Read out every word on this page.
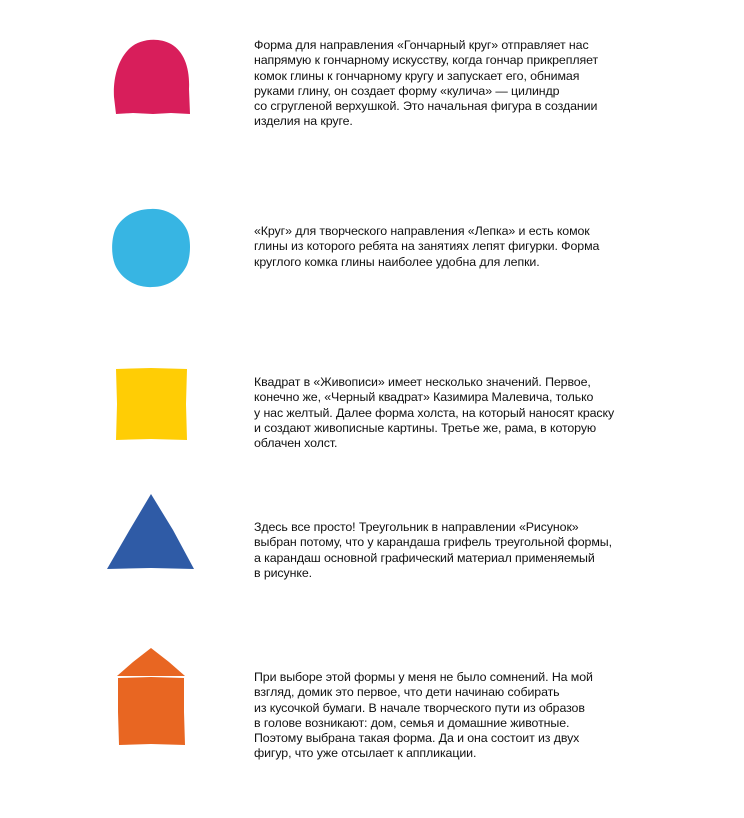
Форма для направления «Гончарный круг» отправляет нас
напрямую к гончарному искусству, когда гончар прикрепляет
комок глины к гончарному кругу и запускает его, обнимая
руками глину, он создает форму «кулича» — цилиндр
со сгругленой верхушкой. Это начальная фигура в создании
изделия на круге.
«Круг» для творческого направления «Лепка» и есть комок
глины из которого ребята на занятиях лепят фигурки. Форма
круглого комка глины наиболее удобна для лепки.
Квадрат в «Живописи» имеет несколько значений. Первое,
конечно же, «Черный квадрат» Казимира Малевича, только
у нас желтый. Далее форма холста, на который наносят краску
и создают живописные картины. Третье же, рама, в которую
облачен холст.
Здесь все просто! Треугольник в направлении «Рисунок»
выбран потому, что у карандаша грифель треугольной формы,
а карандаш основной графический материал применяемый
в рисунке.
При выборе этой формы у меня не было сомнений. На мой
взгляд, домик это первое, что дети начинаю собирать
из кусочкой бумаги. В начале творческого пути из образов
в голове возникают: дом, семья и домашние животные.
Поэтому выбрана такая форма. Да и она состоит из двух
фигур, что уже отсылает к аппликации.
